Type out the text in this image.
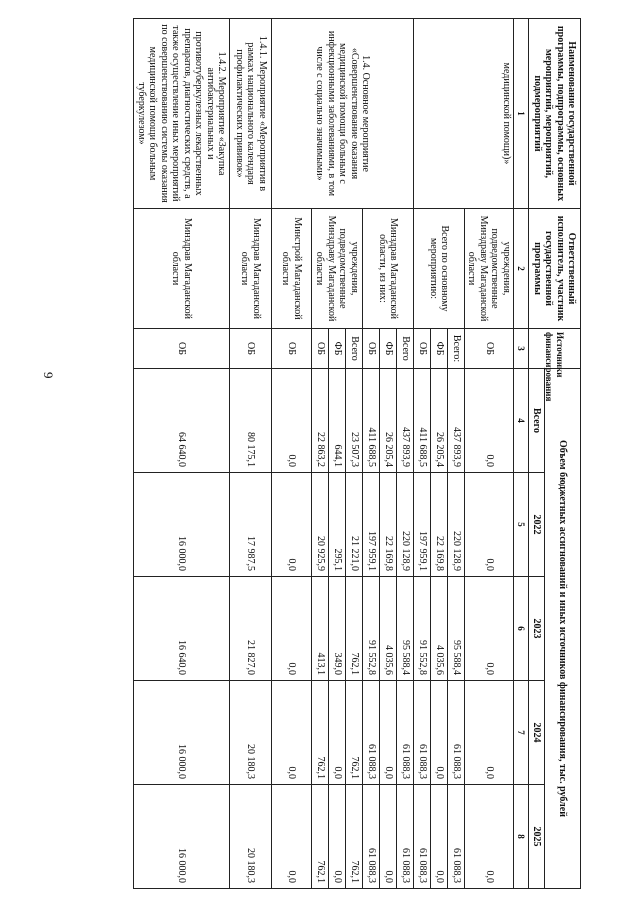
9
Наименование государственной программы, подпрограммы, основных мероприятий, мероприятий, подмероприятий	Ответственный исполнитель, участник государственной программы	Источники финансирования	Объем бюджетных ассигнований и иных источников финансирования, тыс. рублей				
			Всего	2022	2023	2024	2025
1	2	3	4	5	6	7	8
медицинской помощи)»	учреждения, подведомственные Минздраву Магаданской области	ОБ	0,0	0,0	0,0	0,0	0,0
	Всего по основному мероприятию:	Всего:	437 893,9	220 128,9	95 588,4	61 088,3	61 088,3
		ФБ	26 205,4	22 169,8	4 035,6	0,0	0,0
		ОБ	411 688,5	197 959,1	91 552,8	61 088,3	61 088,3
1.4. Основное мероприятие «Совершенствование оказания медицинской помощи больным с инфекционными заболеваниями, в том числе с социально значимыми»	Минздрав Магаданской области, из них:	Всего	437 893,9	220 128,9	95 588,4	61 088,3	61 088,3
		ФБ	26 205,4	22 169,8	4 035,6	0,0	0,0
		ОБ	411 688,5	197 959,1	91 552,8	61 088,3	61 088,3
	учреждения, подведомственные Минздраву Магаданской области	Всего	23 507,3	21 221,0	762,1	762,1	762,1
		ФБ	644,1	295,1	349,0	0,0	0,0
		ОБ	22 863,2	20 925,9	413,1	762,1	762,1
	Минстрой Магаданской области	ОБ	0,0	0,0	0,0	0,0	0,0
1.4.1. Мероприятие «Мероприятия в рамках национального календаря профилактических прививок»	Минздрав Магаданской области	ОБ	80 175,1	17 987,5	21 827,0	20 180,3	20 180,3
1.4.2. Мероприятие «Закупка антибактериальных и противотуберкулезных лекарственных препаратов, диагностических средств, а также осуществление иных мероприятий по совершенствованию системы оказания медицинской помощи больным туберкулезом»	Минздрав Магаданской области	ОБ	64 640,0	16 000,0	16 640,0	16 000,0	16 000,0
